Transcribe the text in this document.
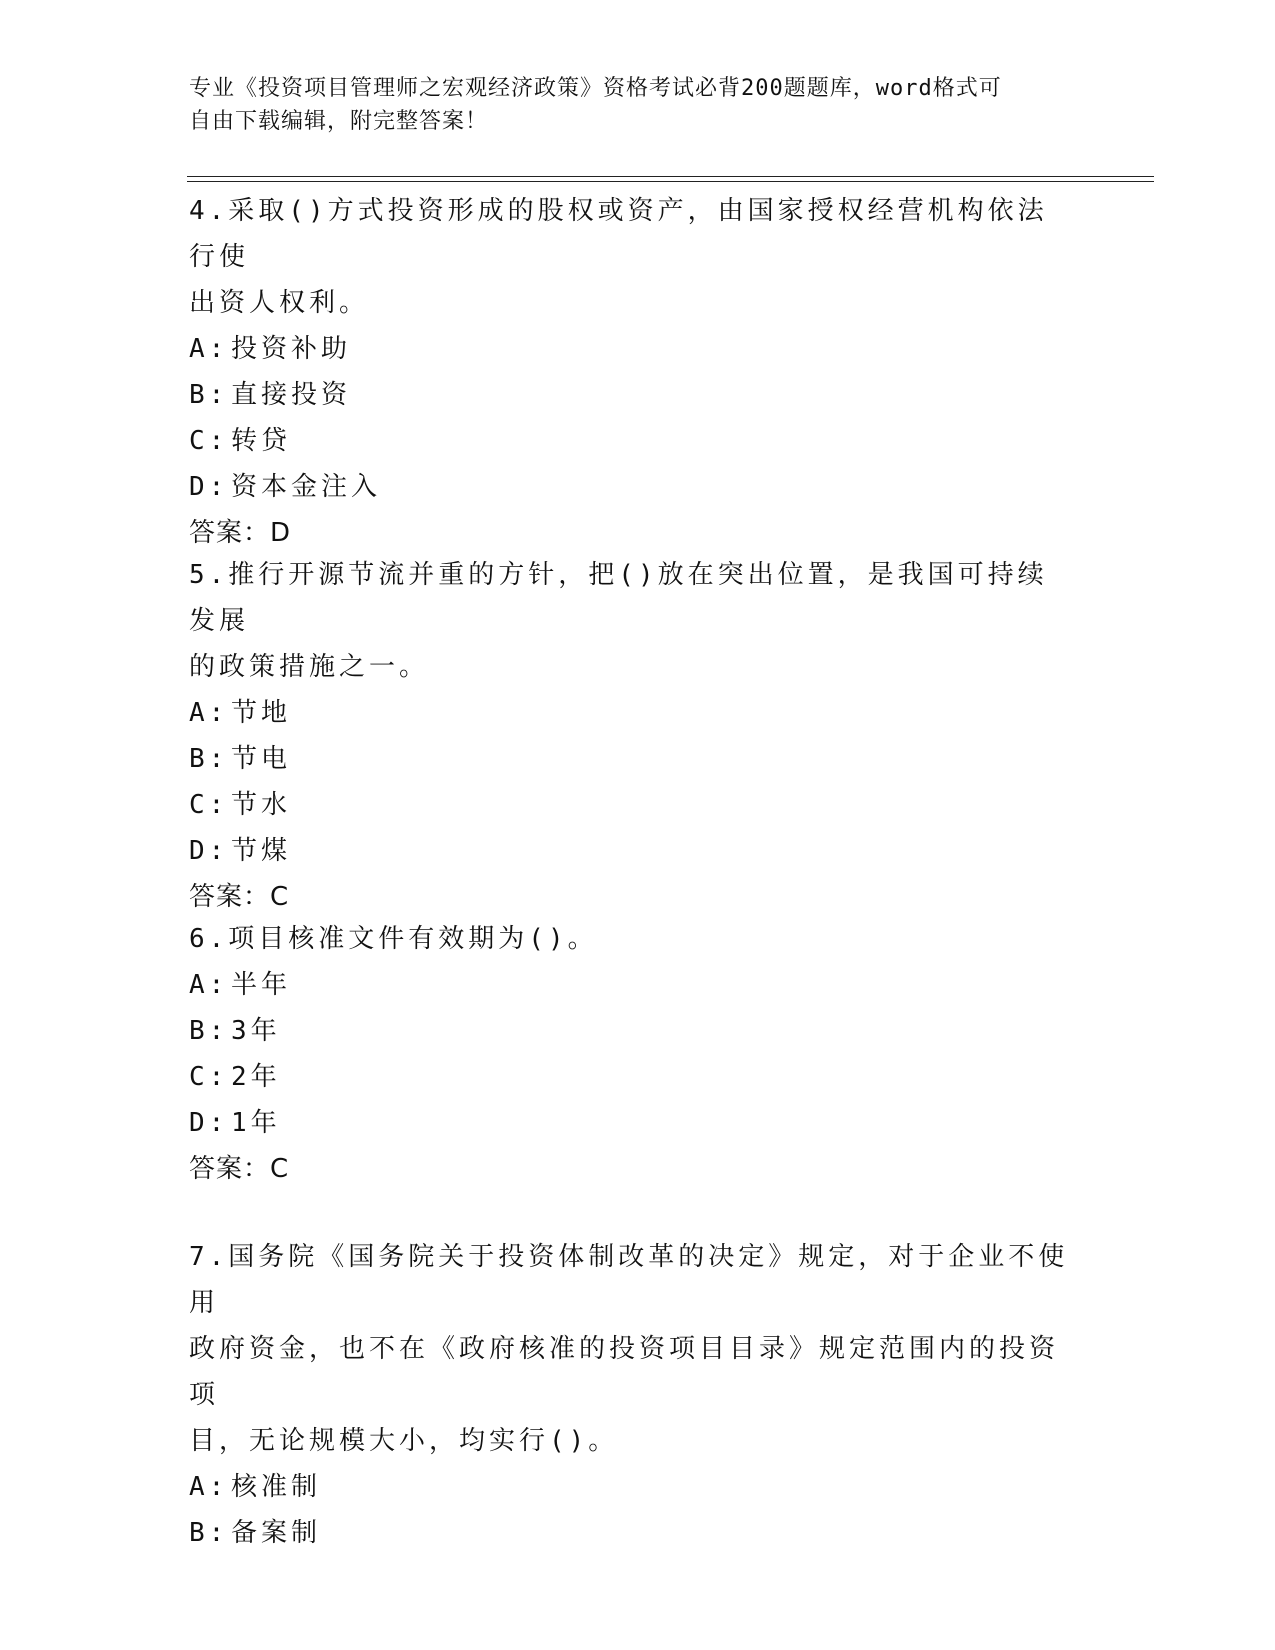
专业《投资项目管理师之宏观经济政策》资格考试必背200题题库，word格式可
自由下载编辑，附完整答案！
4.采取()方式投资形成的股权或资产，由国家授权经营机构依法行使
出资人权利。
A: 投资补助
B: 直接投资
C: 转贷
D: 资本金注入
答案：D
5.推行开源节流并重的方针，把()放在突出位置，是我国可持续发展
的政策措施之一。
A: 节地
B: 节电
C: 节水
D: 节煤
答案：C
6.项目核准文件有效期为()。
A: 半年
B: 3年
C: 2年
D: 1年
答案：C
7.国务院《国务院关于投资体制改革的决定》规定，对于企业不使用
政府资金，也不在《政府核准的投资项目目录》规定范围内的投资项
目，无论规模大小，均实行()。
A: 核准制
B: 备案制
